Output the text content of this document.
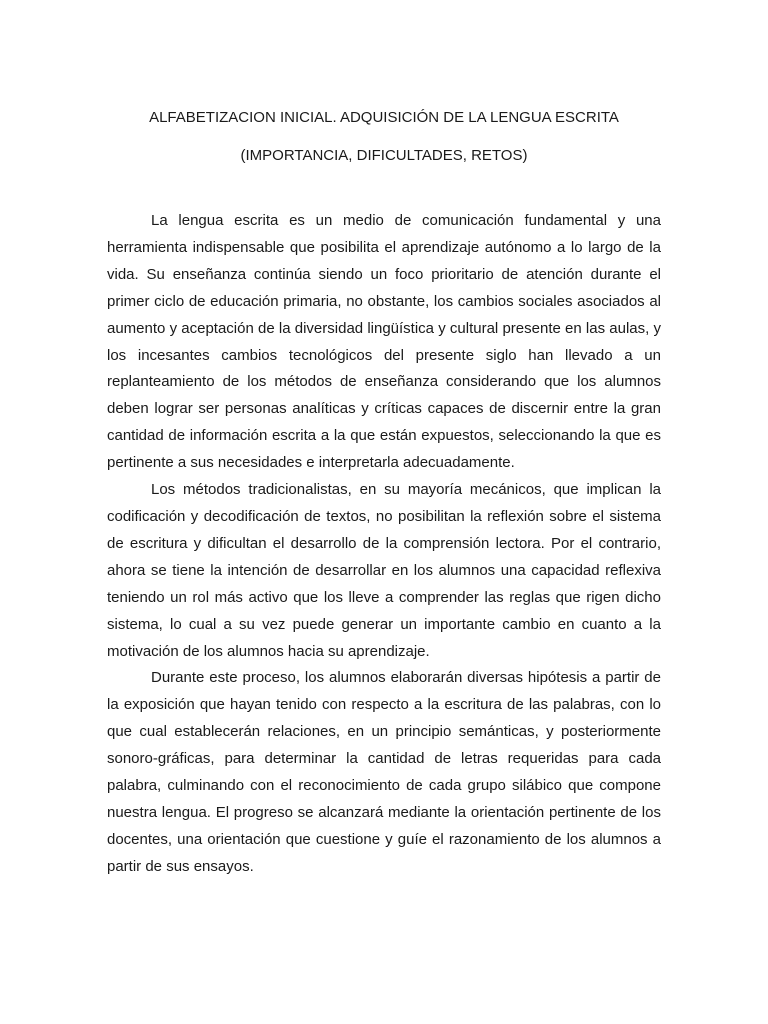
ALFABETIZACION INICIAL. ADQUISICIÓN DE LA LENGUA ESCRITA
(IMPORTANCIA, DIFICULTADES, RETOS)

La lengua escrita es un medio de comunicación fundamental y una herramienta indispensable que posibilita el aprendizaje autónomo a lo largo de la vida. Su enseñanza continúa siendo un foco prioritario de atención durante el primer ciclo de educación primaria, no obstante, los cambios sociales asociados al aumento y aceptación de la diversidad lingüística y cultural presente en las aulas, y los incesantes cambios tecnológicos del presente siglo han llevado a un replanteamiento de los métodos de enseñanza considerando que los alumnos deben lograr ser personas analíticas y críticas capaces de discernir entre la gran cantidad de información escrita a la que están expuestos, seleccionando la que es pertinente a sus necesidades e interpretarla adecuadamente.

Los métodos tradicionalistas, en su mayoría mecánicos, que implican la codificación y decodificación de textos, no posibilitan la reflexión sobre el sistema de escritura y dificultan el desarrollo de la comprensión lectora. Por el contrario, ahora se tiene la intención de desarrollar en los alumnos una capacidad reflexiva teniendo un rol más activo que los lleve a comprender las reglas que rigen dicho sistema, lo cual a su vez puede generar un importante cambio en cuanto a la motivación de los alumnos hacia su aprendizaje.

Durante este proceso, los alumnos elaborarán diversas hipótesis a partir de la exposición que hayan tenido con respecto a la escritura de las palabras, con lo que cual establecerán relaciones, en un principio semánticas, y posteriormente sonoro-gráficas, para determinar la cantidad de letras requeridas para cada palabra, culminando con el reconocimiento de cada grupo silábico que compone nuestra lengua. El progreso se alcanzará mediante la orientación pertinente de los docentes, una orientación que cuestione y guíe el razonamiento de los alumnos a partir de sus ensayos.
